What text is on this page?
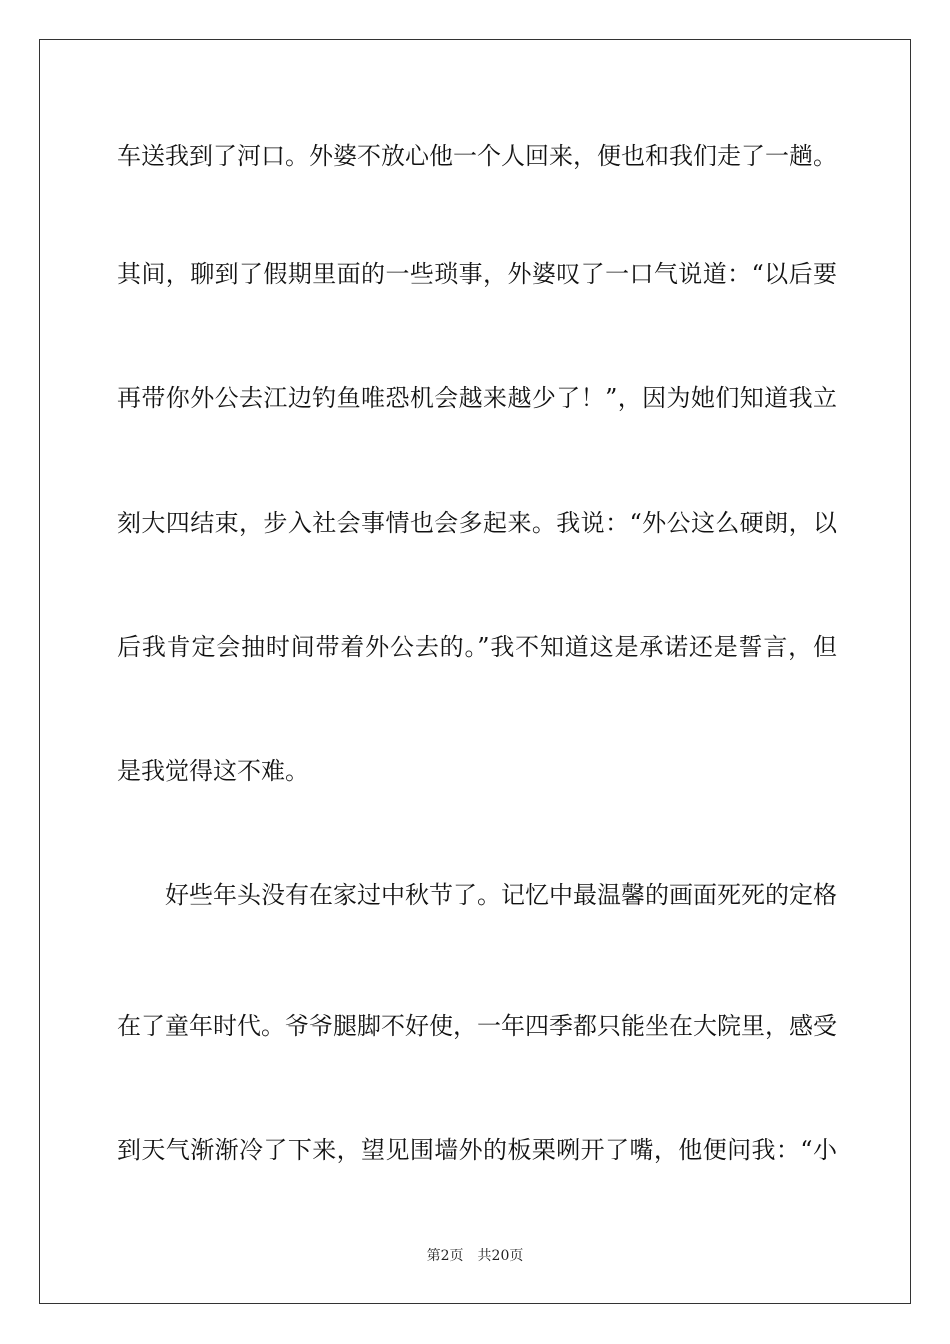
车送我到了河口。外婆不放心他一个人回来，便也和我们走了一趟。
其间，聊到了假期里面的一些琐事，外婆叹了一口气说道：“以后要
再带你外公去江边钓鱼唯恐机会越来越少了！”，因为她们知道我立
刻大四结束，步入社会事情也会多起来。我说：“外公这么硬朗，以
后我肯定会抽时间带着外公去的。”我不知道这是承诺还是誓言，但
是我觉得这不难。
好些年头没有在家过中秋节了。记忆中最温馨的画面死死的定格
在了童年时代。爷爷腿脚不好使，一年四季都只能坐在大院里，感受
到天气渐渐冷了下来，望见围墙外的板栗咧开了嘴，他便问我：“小
第2页 共20页
